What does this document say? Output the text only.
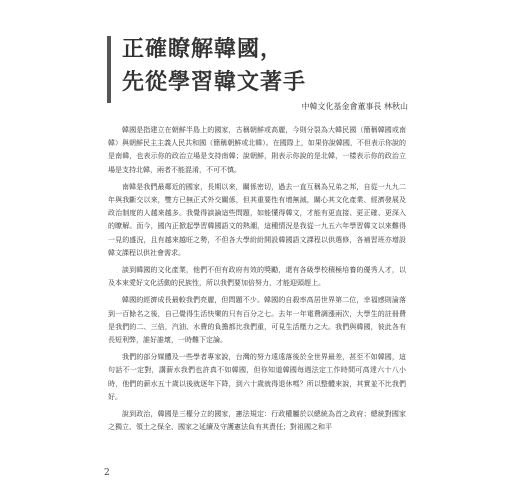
正確瞭解韓國，
先從學習韓文著手
中韓文化基金會董事長 林秋山

韓國是指建立在朝鮮半島上的國家，古稱朝鮮或高麗，今則分裂為大韓民國（簡稱韓國或南韓）與朝鮮民主主義人民共和國（簡稱朝鮮或北韓）。在國際上，如果你說韓國，不但表示你說的是南韓，也表示你的政治立場是支持南韓；說朝鮮，則表示你說的是北韓，一樣表示你的政治立場是支持北韓，兩者不能混淆，不可不慎。

南韓是我們最鄰近的國家，長期以來，關係密切，過去一直互稱為兄弟之邦，自從一九九二年與我斷交以來，雙方已無正式外交關係，但其重要性有增無減，關心其文化產業、經濟發展及政治制度的人越來越多。我覺得談論這些問題，如能懂得韓文，才能有更直接、更正確、更深入的瞭解。而今，國內正掀起學習韓國語文的熱潮，這種情況是我從一九五六年學習韓文以來難得一見的盛況，且有越來越旺之勢，不但各大學紛紛開設韓國語文課程以供選修，各補習班亦增設韓文課程以供社會需求。

談到韓國的文化產業，他們不但有政府有效的獎勵，還有各級學校積極培養的優秀人才，以及本來愛好文化活動的民族性，所以我們要加倍努力，才能迎頭趕上。

韓國的經濟成長最較我們亮麗，但問題不少。韓國的自殺率高居世界第二位，幸福感則淪落到一百餘名之後，自己覺得生活快樂的只有百分之七。去年一年電費調漲兩次，大學生的註冊費是我們的二、三倍，汽油、水費的負擔都比我們重，可見生活壓力之大。我們與韓國，彼此各有長短利弊，誰好誰壞，一時難下定論。

我們的部分媒體及一些學者專家說，台灣的努力遠遠落後於全世界最差，甚至不如韓國，這句話不一定對，講薪水我們也許真不如韓國，但你知道韓國每週法定工作時間可高達六十八小時，他們的薪水五十歲以後就逐年下降，到六十歲就得退休嗎？所以整體來說，其實並不比我們好。

說到政治，韓國是三權分立的國家，憲法規定：行政權屬於以總統為首之政府；總統對國家之獨立、領土之保全、國家之延續及守護憲法負有其責任；對祖國之和平

2
